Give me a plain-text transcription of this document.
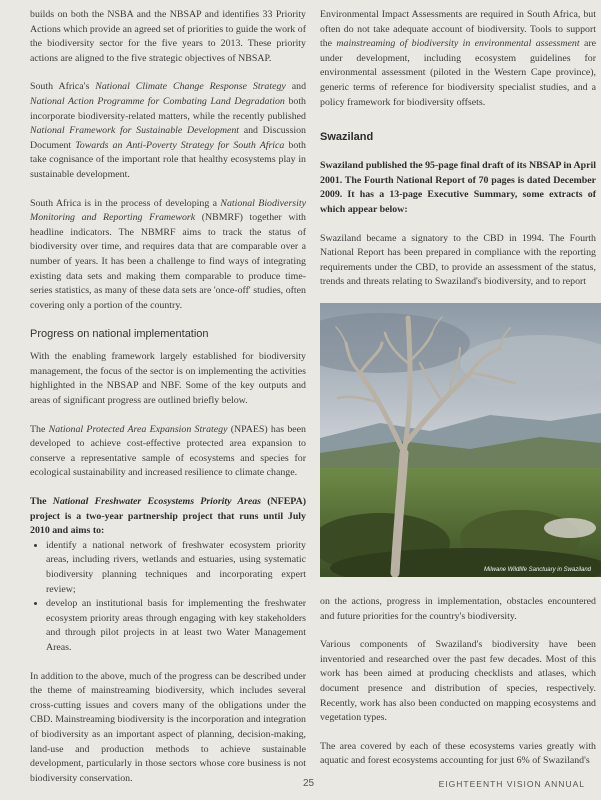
builds on both the NSBA and the NBSAP and identifies 33 Priority Actions which provide an agreed set of priorities to guide the work of the biodiversity sector for the five years to 2013. These priority actions are aligned to the five strategic objectives of NBSAP.

South Africa's National Climate Change Response Strategy and National Action Programme for Combating Land Degradation both incorporate biodiversity-related matters, while the recently published National Framework for Sustainable Development and Discussion Document Towards an Anti-Poverty Strategy for South Africa both take cognisance of the important role that healthy ecosystems play in sustainable development.

South Africa is in the process of developing a National Biodiversity Monitoring and Reporting Framework (NBMRF) together with headline indicators. The NBMRF aims to track the status of biodiversity over time, and requires data that are comparable over a number of years. It has been a challenge to find ways of integrating existing data sets and making them comparable to produce time-series statistics, as many of these data sets are 'once-off' studies, often covering only a portion of the country.

Progress on national implementation

With the enabling framework largely established for biodiversity management, the focus of the sector is on implementing the activities highlighted in the NBSAP and NBF. Some of the key outputs and areas of significant progress are outlined briefly below.

The National Protected Area Expansion Strategy (NPAES) has been developed to achieve cost-effective protected area expansion to conserve a representative sample of ecosystems and species for ecological sustainability and increased resilience to climate change.

The National Freshwater Ecosystems Priority Areas (NFEPA) project is a two-year partnership project that runs until July 2010 and aims to:

• identify a national network of freshwater ecosystem priority areas, including rivers, wetlands and estuaries, using systematic biodiversity planning techniques and incorporating expert review;
• develop an institutional basis for implementing the freshwater ecosystem priority areas through engaging with key stakeholders and through pilot projects in at least two Water Management Areas.

In addition to the above, much of the progress can be described under the theme of mainstreaming biodiversity, which includes several cross-cutting issues and covers many of the obligations under the CBD. Mainstreaming biodiversity is the incorporation and integration of biodiversity as an important aspect of planning, decision-making, land-use and production methods to achieve sustainable development, particularly in those sectors whose core business is not biodiversity conservation.

Environmental Impact Assessments are required in South Africa, but often do not take adequate account of biodiversity. Tools to support the mainstreaming of biodiversity in environmental assessment are under development, including ecosystem guidelines for environmental assessment (piloted in the Western Cape province), generic terms of reference for biodiversity specialist studies, and a policy framework for biodiversity offsets.

Swaziland

Swaziland published the 95-page final draft of its NBSAP in April 2001. The Fourth National Report of 70 pages is dated December 2009. It has a 13-page Executive Summary, some extracts of which appear below:

Swaziland became a signatory to the CBD in 1994. The Fourth National Report has been prepared in compliance with the reporting requirements under the CBD, to provide an assessment of the status, trends and threats relating to Swaziland's biodiversity, and to report

Milwane Wildlife Sanctuary in Swaziland

on the actions, progress in implementation, obstacles encountered and future priorities for the country's biodiversity.

Various components of Swaziland's biodiversity have been inventoried and researched over the past few decades. Most of this work has been aimed at producing checklists and atlases, which document presence and distribution of species, respectively. Recently, work has also been conducted on mapping ecosystems and vegetation types.

The area covered by each of these ecosystems varies greatly with aquatic and forest ecosystems accounting for just 6% of Swaziland's

25	EIGHTEENTH VISION ANNUAL
